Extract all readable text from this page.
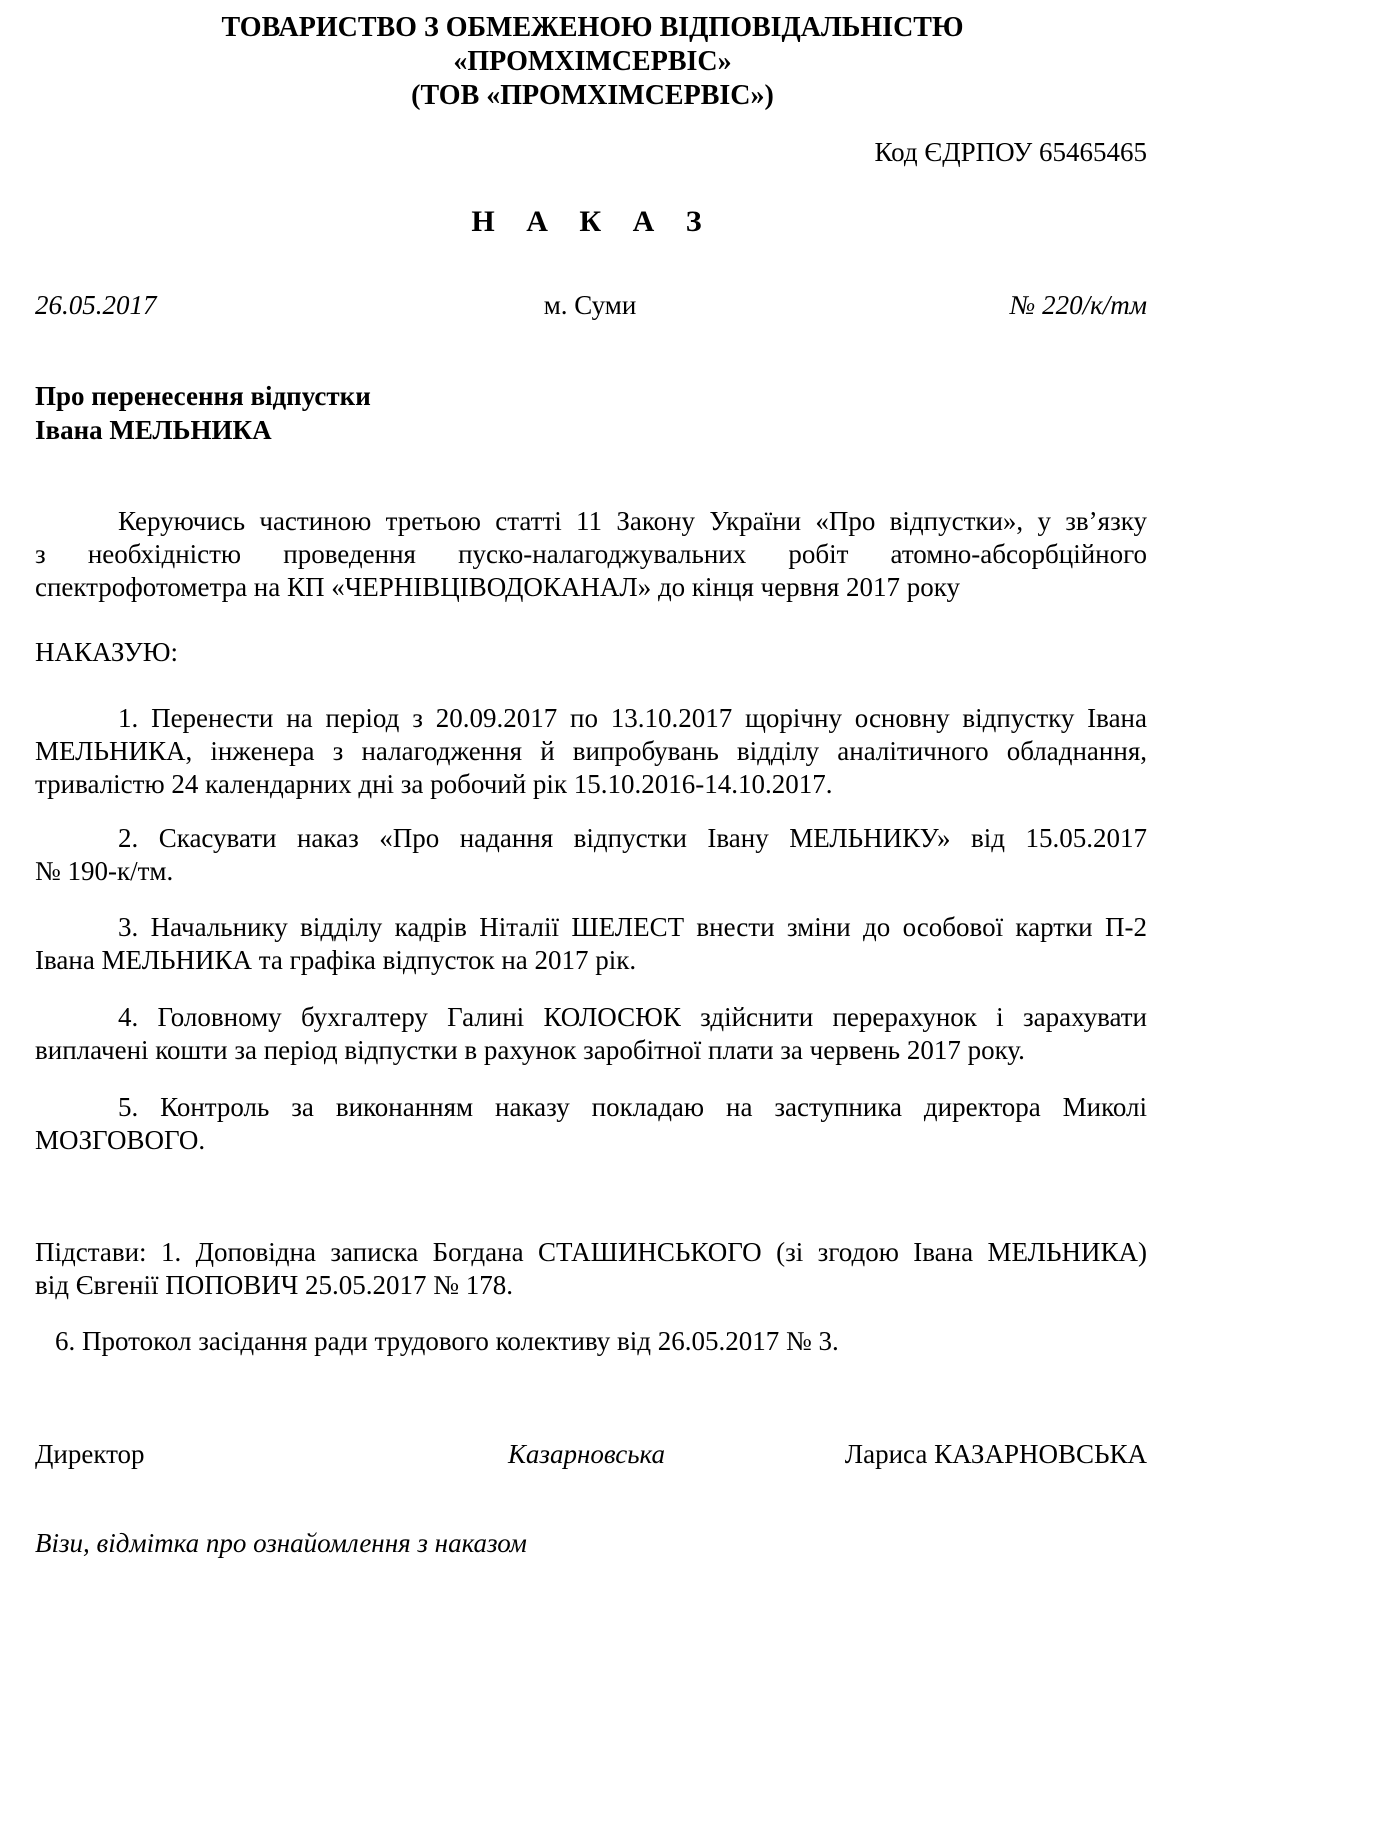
ТОВАРИСТВО З ОБМЕЖЕНОЮ ВІДПОВІДАЛЬНІСТЮ
«ПРОМХІМСЕРВІС»
(ТОВ «ПРОМХІМСЕРВІС»)
Код ЄДРПОУ 65465465
Н А К А З
26.05.2017	м. Суми	№ 220/к/тм
Про перенесення відпустки
Івана МЕЛЬНИКА
Керуючись частиною третьою статті 11 Закону України «Про відпустки», у зв’язку
з необхідністю проведення пуско-налагоджувальних робіт атомно-абсорбційного
спектрофотометра на КП «ЧЕРНІВЦІВОДОКАНАЛ» до кінця червня 2017 року
НАКАЗУЮ:
1. Перенести на період з 20.09.2017 по 13.10.2017 щорічну основну відпустку Івана
МЕЛЬНИКА, інженера з налагодження й випробувань відділу аналітичного обладнання,
тривалістю 24 календарних дні за робочий рік 15.10.2016-14.10.2017.
2. Скасувати наказ «Про надання відпустки Івану МЕЛЬНИКУ» від 15.05.2017
№ 190-к/тм.
3. Начальнику відділу кадрів Ніталії ШЕЛЕСТ внести зміни до особової картки П-2
Івана МЕЛЬНИКА та графіка відпусток на 2017 рік.
4. Головному бухгалтеру Галині КОЛОСЮК здійснити перерахунок і зарахувати
виплачені кошти за період відпустки в рахунок заробітної плати за червень 2017 року.
5. Контроль за виконанням наказу покладаю на заступника директора Миколі
МОЗГОВОГО.
Підстави: 1. Доповідна записка Богдана СТАШИНСЬКОГО (зі згодою Івана МЕЛЬНИКА)
від Євгенії ПОПОВИЧ 25.05.2017 № 178.
6. Протокол засідання ради трудового колективу від 26.05.2017 № 3.
Директор	Казарновська	Лариса КАЗАРНОВСЬКА
Візи, відмітка про ознайомлення з наказом
